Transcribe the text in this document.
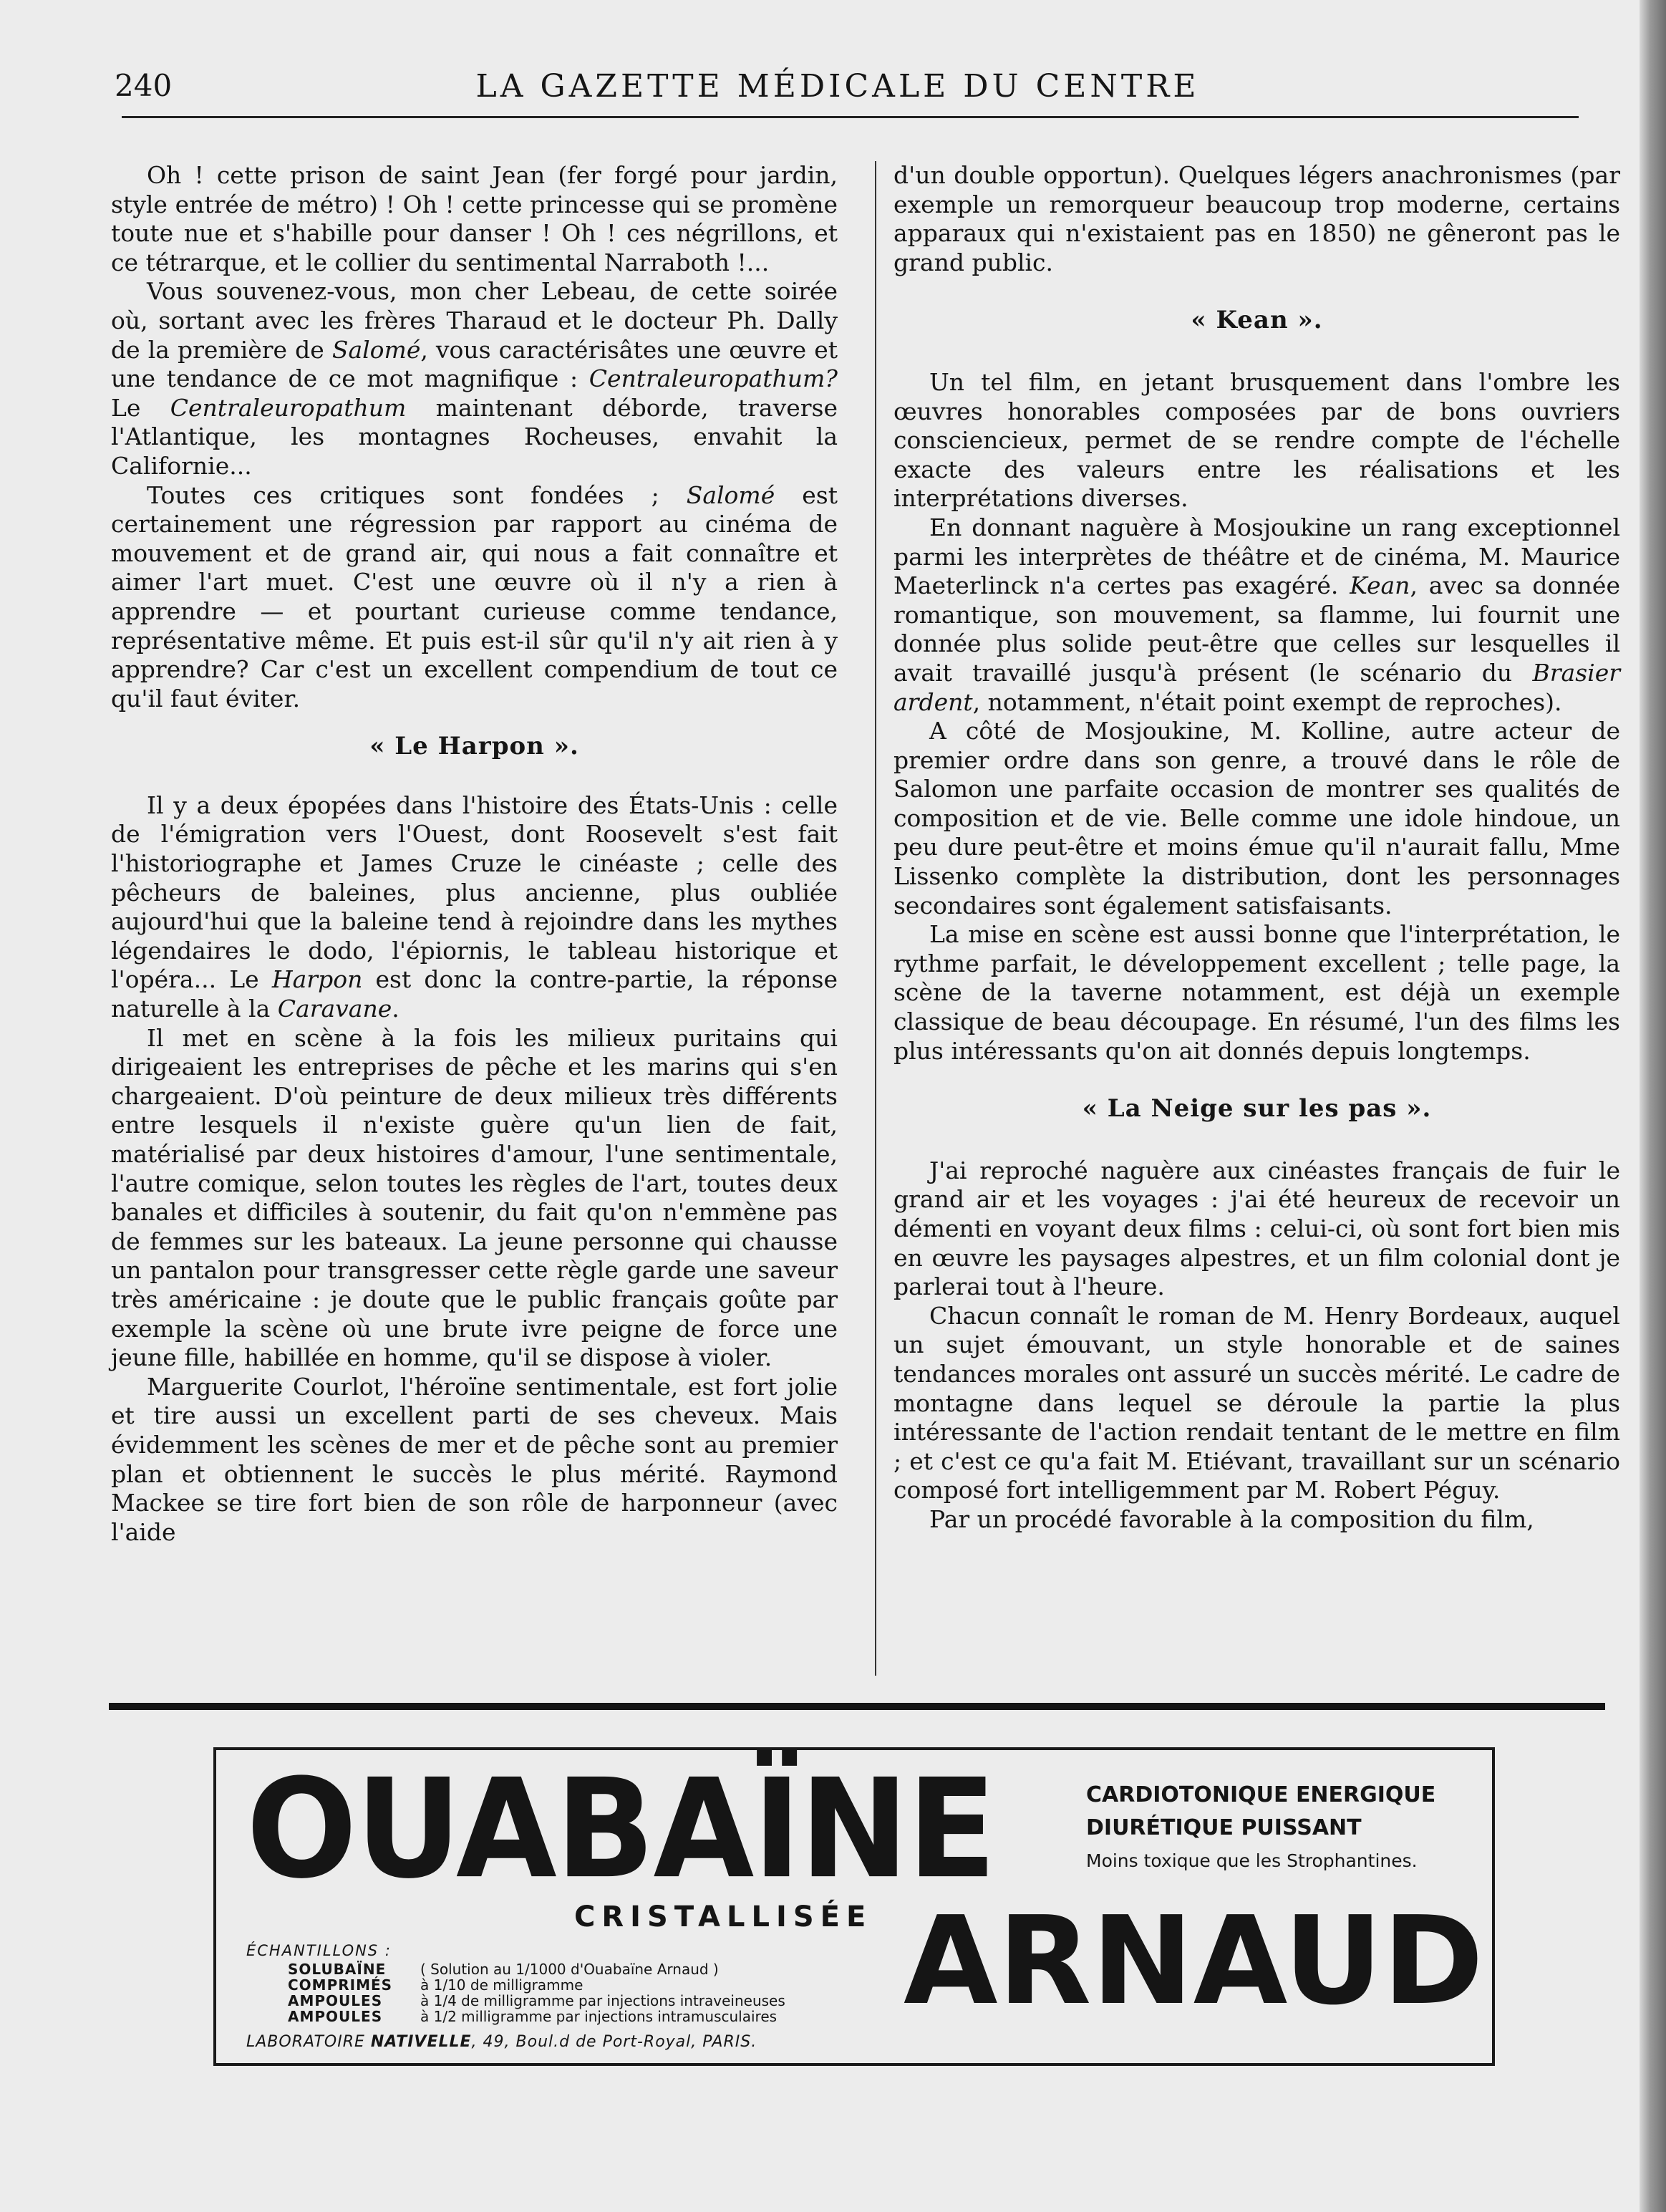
240	LA GAZETTE MÉDICALE DU CENTRE

Oh ! cette prison de saint Jean (fer forgé pour jardin, style entrée de métro) ! Oh ! cette princesse qui se promène toute nue et s'habille pour danser ! Oh ! ces négrillons, et ce tétrarque, et le collier du sentimental Narraboth !...

Vous souvenez-vous, mon cher Lebeau, de cette soirée où, sortant avec les frères Tharaud et le docteur Ph. Dally de la première de Salomé, vous caractérisâtes une œuvre et une tendance de ce mot magnifique : Centraleuropathum? Le Centraleuropathum maintenant déborde, traverse l'Atlantique, les montagnes Rocheuses, envahit la Californie...

Toutes ces critiques sont fondées ; Salomé est certainement une régression par rapport au cinéma de mouvement et de grand air, qui nous a fait connaître et aimer l'art muet. C'est une œuvre où il n'y a rien à apprendre — et pourtant curieuse comme tendance, représentative même. Et puis est-il sûr qu'il n'y ait rien à y apprendre? Car c'est un excellent compendium de tout ce qu'il faut éviter.

« Le Harpon ».

Il y a deux épopées dans l'histoire des États-Unis : celle de l'émigration vers l'Ouest, dont Roosevelt s'est fait l'historiographe et James Cruze le cinéaste ; celle des pêcheurs de baleines, plus ancienne, plus oubliée aujourd'hui que la baleine tend à rejoindre dans les mythes légendaires le dodo, l'épiornis, le tableau historique et l'opéra... Le Harpon est donc la contre-partie, la réponse naturelle à la Caravane.

Il met en scène à la fois les milieux puritains qui dirigeaient les entreprises de pêche et les marins qui s'en chargeaient. D'où peinture de deux milieux très différents entre lesquels il n'existe guère qu'un lien de fait, matérialisé par deux histoires d'amour, l'une sentimentale, l'autre comique, selon toutes les règles de l'art, toutes deux banales et difficiles à soutenir, du fait qu'on n'emmène pas de femmes sur les bateaux. La jeune personne qui chausse un pantalon pour transgresser cette règle garde une saveur très américaine : je doute que le public français goûte par exemple la scène où une brute ivre peigne de force une jeune fille, habillée en homme, qu'il se dispose à violer.

Marguerite Courlot, l'héroïne sentimentale, est fort jolie et tire aussi un excellent parti de ses cheveux. Mais évidemment les scènes de mer et de pêche sont au premier plan et obtiennent le succès le plus mérité. Raymond Mackee se tire fort bien de son rôle de harponneur (avec l'aide

d'un double opportun). Quelques légers anachronismes (par exemple un remorqueur beaucoup trop moderne, certains apparaux qui n'existaient pas en 1850) ne gêneront pas le grand public.

« Kean ».

Un tel film, en jetant brusquement dans l'ombre les œuvres honorables composées par de bons ouvriers consciencieux, permet de se rendre compte de l'échelle exacte des valeurs entre les réalisations et les interprétations diverses.

En donnant naguère à Mosjoukine un rang exceptionnel parmi les interprètes de théâtre et de cinéma, M. Maurice Maeterlinck n'a certes pas exagéré. Kean, avec sa donnée romantique, son mouvement, sa flamme, lui fournit une donnée plus solide peut-être que celles sur lesquelles il avait travaillé jusqu'à présent (le scénario du Brasier ardent, notamment, n'était point exempt de reproches).

A côté de Mosjoukine, M. Kolline, autre acteur de premier ordre dans son genre, a trouvé dans le rôle de Salomon une parfaite occasion de montrer ses qualités de composition et de vie. Belle comme une idole hindoue, un peu dure peut-être et moins émue qu'il n'aurait fallu, Mme Lissenko complète la distribution, dont les personnages secondaires sont également satisfaisants.

La mise en scène est aussi bonne que l'interprétation, le rythme parfait, le développement excellent ; telle page, la scène de la taverne notamment, est déjà un exemple classique de beau découpage. En résumé, l'un des films les plus intéressants qu'on ait donnés depuis longtemps.

« La Neige sur les pas ».

J'ai reproché naguère aux cinéastes français de fuir le grand air et les voyages : j'ai été heureux de recevoir un démenti en voyant deux films : celui-ci, où sont fort bien mis en œuvre les paysages alpestres, et un film colonial dont je parlerai tout à l'heure.

Chacun connaît le roman de M. Henry Bordeaux, auquel un sujet émouvant, un style honorable et de saines tendances morales ont assuré un succès mérité. Le cadre de montagne dans lequel se déroule la partie la plus intéressante de l'action rendait tentant de le mettre en film ; et c'est ce qu'a fait M. Etiévant, travaillant sur un scénario composé fort intelligemment par M. Robert Péguy.

Par un procédé favorable à la composition du film,

OUABAÏNE	CARDIOTONIQUE ENERGIQUE
DIURÉTIQUE PUISSANT
Moins toxique que les Strophantines.
CRISTALLISÉE
ÉCHANTILLONS :
SOLUBAÏNE ( Solution au 1/1000 d'Ouabaïne Arnaud )
COMPRIMÉS à 1/10 de milligramme
AMPOULES	à 1/4 de milligramme par injections intraveineuses
AMPOULES	à 1/2 milligramme par injections intramusculaires
LABORATOIRE NATIVELLE, 49, Boul.d de Port-Royal, PARIS.
ARNAUD
